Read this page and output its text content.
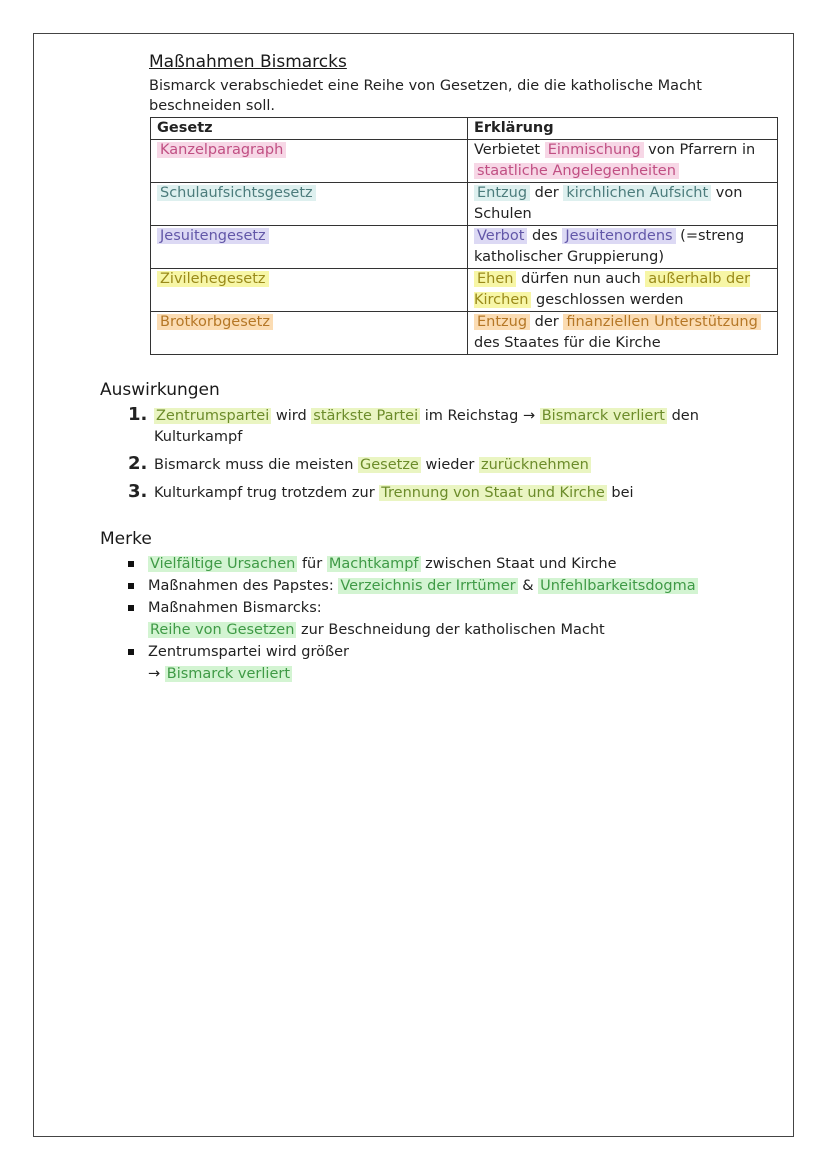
Maßnahmen Bismarcks
Bismarck verabschiedet eine Reihe von Gesetzen, die die katholische Macht beschneiden soll.
Gesetz	Erklärung
Kanzelparagraph	Verbietet Einmischung von Pfarrern in staatliche Angelegenheiten
Schulaufsichtsgesetz	Entzug der kirchlichen Aufsicht von Schulen
Jesuitengesetz	Verbot des Jesuitenordens (=streng katholischer Gruppierung)
Zivilehegesetz	Ehen dürfen nun auch außerhalb der Kirchen geschlossen werden
Brotkorbgesetz	Entzug der finanziellen Unterstützung des Staates für die Kirche
Auswirkungen
1. Zentrumspartei wird stärkste Partei im Reichstag → Bismarck verliert den Kulturkampf
2. Bismarck muss die meisten Gesetze wieder zurücknehmen
3. Kulturkampf trug trotzdem zur Trennung von Staat und Kirche bei
Merke
Vielfältige Ursachen für Machtkampf zwischen Staat und Kirche
Maßnahmen des Papstes: Verzeichnis der Irrtümer & Unfehlbarkeitsdogma
Maßnahmen Bismarcks:
Reihe von Gesetzen zur Beschneidung der katholischen Macht
Zentrumspartei wird größer
→ Bismarck verliert
